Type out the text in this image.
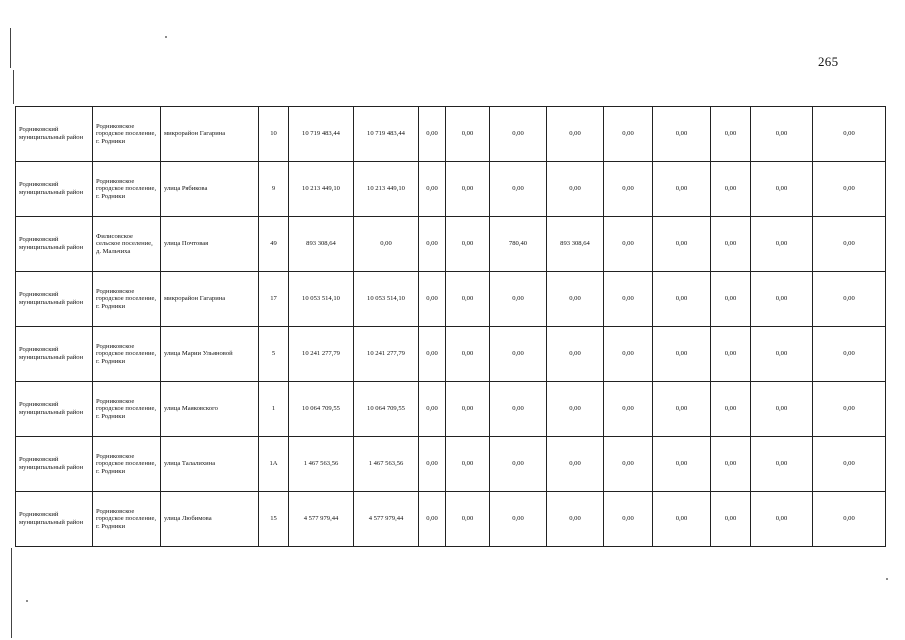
265
Родниковский муниципальный район	Родниковское городское поселение, г. Родники	микрорайон Гагарина	10	10 719 483,44	10 719 483,44	0,00	0,00	0,00	0,00	0,00	0,00	0,00	0,00	0,00
Родниковский муниципальный район	Родниковское городское поселение, г. Родники	улица Рябикова	9	10 213 449,10	10 213 449,10	0,00	0,00	0,00	0,00	0,00	0,00	0,00	0,00	0,00
Родниковский муниципальный район	Филисовское сельское поселение, д. Мальчиха	улица Почтовая	49	893 308,64	0,00	0,00	0,00	780,40	893 308,64	0,00	0,00	0,00	0,00	0,00
Родниковский муниципальный район	Родниковское городское поселение, г. Родники	микрорайон Гагарина	17	10 053 514,10	10 053 514,10	0,00	0,00	0,00	0,00	0,00	0,00	0,00	0,00	0,00
Родниковский муниципальный район	Родниковское городское поселение, г. Родники	улица Марии Ульяновой	5	10 241 277,79	10 241 277,79	0,00	0,00	0,00	0,00	0,00	0,00	0,00	0,00	0,00
Родниковский муниципальный район	Родниковское городское поселение, г. Родники	улица Маяковского	1	10 064 709,55	10 064 709,55	0,00	0,00	0,00	0,00	0,00	0,00	0,00	0,00	0,00
Родниковский муниципальный район	Родниковское городское поселение, г. Родники	улица Талалихина	1А	1 467 563,56	1 467 563,56	0,00	0,00	0,00	0,00	0,00	0,00	0,00	0,00	0,00
Родниковский муниципальный район	Родниковское городское поселение, г. Родники	улица Любимова	15	4 577 979,44	4 577 979,44	0,00	0,00	0,00	0,00	0,00	0,00	0,00	0,00	0,00
